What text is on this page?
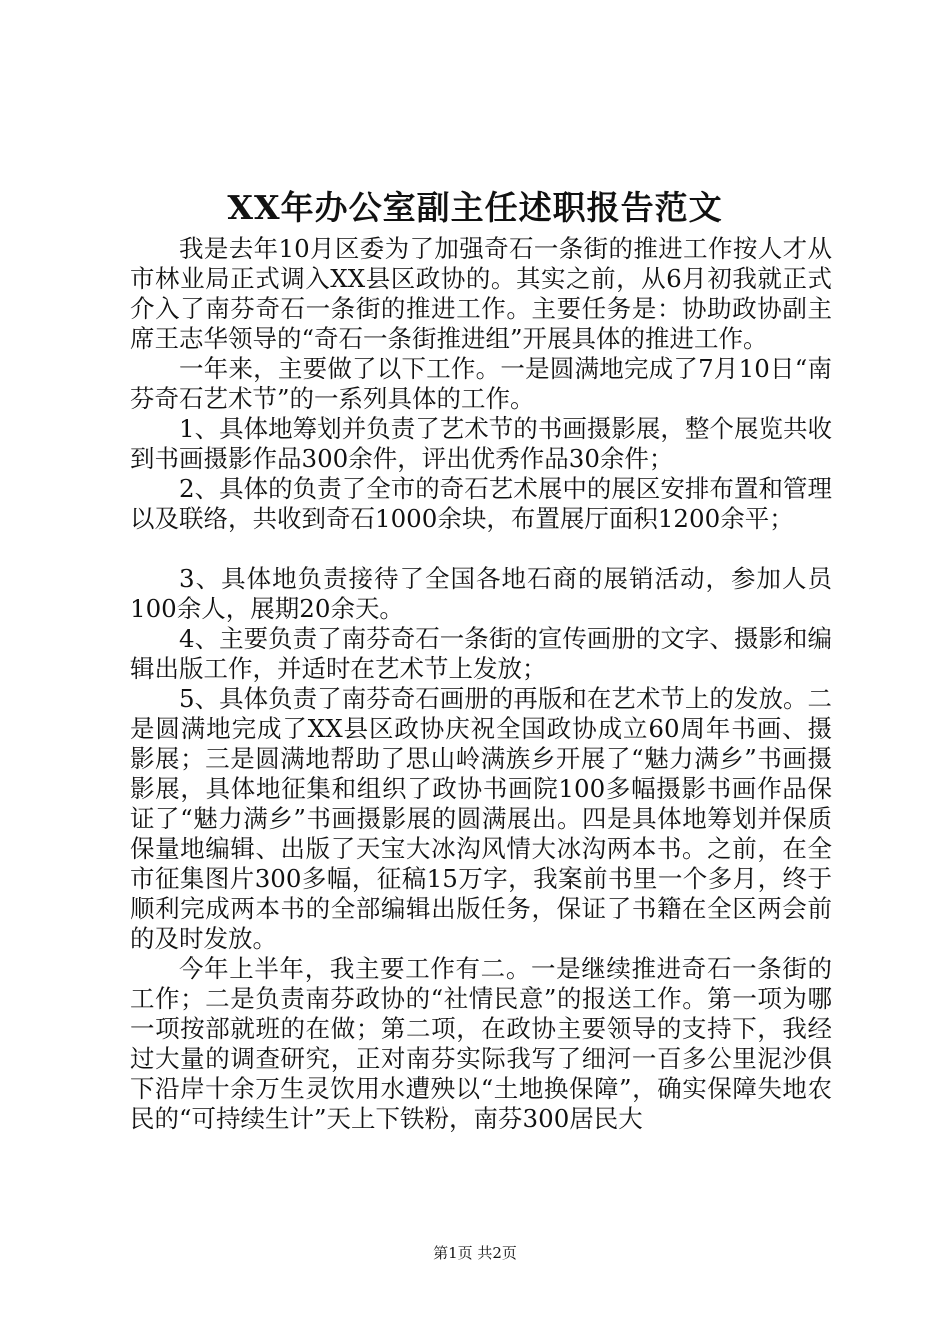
XX年办公室副主任述职报告范文

我是去年10月区委为了加强奇石一条街的推进工作按人才从市林业局正式调入XX县区政协的。其实之前，从6月初我就正式介入了南芬奇石一条街的推进工作。主要任务是：协助政协副主席王志华领导的“奇石一条街推进组”开展具体的推进工作。

一年来，主要做了以下工作。一是圆满地完成了7月10日“南芬奇石艺术节”的一系列具体的工作。

1、具体地筹划并负责了艺术节的书画摄影展，整个展览共收到书画摄影作品300余件，评出优秀作品30余件；

2、具体的负责了全市的奇石艺术展中的展区安排布置和管理以及联络，共收到奇石1000余块，布置展厅面积1200余平；

3、具体地负责接待了全国各地石商的展销活动，参加人员100余人，展期20余天。

4、主要负责了南芬奇石一条街的宣传画册的文字、摄影和编辑出版工作，并适时在艺术节上发放；

5、具体负责了南芬奇石画册的再版和在艺术节上的发放。二是圆满地完成了XX县区政协庆祝全国政协成立60周年书画、摄影展；三是圆满地帮助了思山岭满族乡开展了“魅力满乡”书画摄影展，具体地征集和组织了政协书画院100多幅摄影书画作品保证了“魅力满乡”书画摄影展的圆满展出。四是具体地筹划并保质保量地编辑、出版了天宝大冰沟风情大冰沟两本书。之前，在全市征集图片300多幅，征稿15万字，我案前书里一个多月，终于顺利完成两本书的全部编辑出版任务，保证了书籍在全区两会前的及时发放。

今年上半年，我主要工作有二。一是继续推进奇石一条街的工作；二是负责南芬政协的“社情民意”的报送工作。第一项为哪一项按部就班的在做；第二项，在政协主要领导的支持下，我经过大量的调查研究，正对南芬实际我写了细河一百多公里泥沙俱下沿岸十余万生灵饮用水遭殃以“土地换保障”，确实保障失地农民的“可持续生计”天上下铁粉，南芬300居民大

第1页 共2页
